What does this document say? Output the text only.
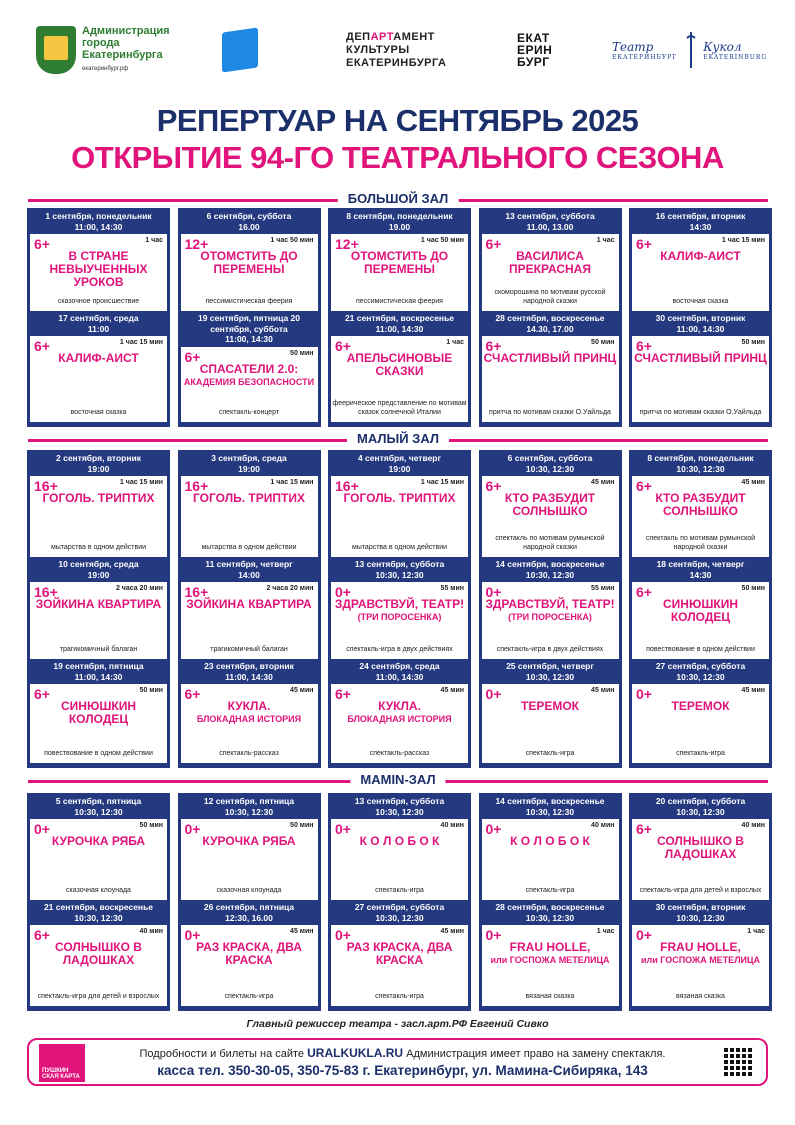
Администрация
города
Екатеринбурга
екатеринбург.рф
ДЕПАРТАМЕНТ
КУЛЬТУРЫ
ЕКАТЕРИНБУРГА
ЕКАТ
ЕРИН
БУРГ
Театр
ЕКАТЕРИНБУРГ
Кукол
EKATERINBURG
РЕПЕРТУАР НА СЕНТЯБРЬ 2025
ОТКРЫТИЕ 94-ГО ТЕАТРАЛЬНОГО СЕЗОНА
БОЛЬШОЙ ЗАЛ
1 сентября, понедельник
11:00, 14:30
6+	1 час
В СТРАНЕ НЕВЫУЧЕННЫХ УРОКОВ
сказочное происшествие
17 сентября, среда
11:00
6+	1 час 15 мин
КАЛИФ-АИСТ
восточная сказка
6 сентября, суббота
16.00
12+	1 час 50 мин
ОТОМСТИТЬ ДО ПЕРЕМЕНЫ
пессимистическая феерия
19 сентября, пятница 20 сентября, суббота
11:00, 14:30
6+	50 мин
СПАСАТЕЛИ 2.0:
АКАДЕМИЯ БЕЗОПАСНОСТИ
спектакль-концерт
8 сентября, понедельник
19.00
12+	1 час 50 мин
ОТОМСТИТЬ ДО ПЕРЕМЕНЫ
пессимистическая феерия
21 сентября, воскресенье
11:00, 14:30
6+	1 час
АПЕЛЬСИНОВЫЕ СКАЗКИ
феерическое представление по мотивам сказок солнечной Италии
13 сентября, суббота
11.00, 13.00
6+	1 час
ВАСИЛИСА ПРЕКРАСНАЯ
скоморошина по мотивам русской народной сказки
28 сентября, воскресенье
14.30, 17.00
6+	50 мин
СЧАСТЛИВЫЙ ПРИНЦ
притча по мотивам сказки О.Уайльда
16 сентября, вторник
14:30
6+	1 час 15 мин
КАЛИФ-АИСТ
восточная сказка
30 сентября, вторник
11:00, 14:30
6+	50 мин
СЧАСТЛИВЫЙ ПРИНЦ
притча по мотивам сказки О.Уайльда
МАЛЫЙ ЗАЛ
2 сентября, вторник
19:00
16+	1 час 15 мин
ГОГОЛЬ. ТРИПТИХ
мытарства в одном действии
10 сентября, среда
19:00
16+	2 часа 20 мин
ЗОЙКИНА КВАРТИРА
трагикомичный балаган
19 сентября, пятница
11:00, 14:30
6+	50 мин
СИНЮШКИН КОЛОДЕЦ
повествование в одном действии
3 сентября, среда
19:00
16+	1 час 15 мин
ГОГОЛЬ. ТРИПТИХ
мытарства в одном действии
11 сентября, четверг
14:00
16+	2 часа 20 мин
ЗОЙКИНА КВАРТИРА
трагикомичный балаган
23 сентября, вторник
11:00, 14:30
6+	45 мин
КУКЛА.
БЛОКАДНАЯ ИСТОРИЯ
спектакль-рассказ
4 сентября, четверг
19:00
16+	1 час 15 мин
ГОГОЛЬ. ТРИПТИХ
мытарства в одном действии
13 сентября, суббота
10:30, 12:30
0+	55 мин
ЗДРАВСТВУЙ, ТЕАТР!
(ТРИ ПОРОСЕНКА)
спектакль-игра в двух действиях
24 сентября, среда
11:00, 14:30
6+	45 мин
КУКЛА.
БЛОКАДНАЯ ИСТОРИЯ
спектакль-рассказ
6 сентября, суббота
10:30, 12:30
6+	45 мин
КТО РАЗБУДИТ СОЛНЫШКО
спектакль по мотивам румынской народной сказки
14 сентября, воскресенье
10:30, 12:30
0+	55 мин
ЗДРАВСТВУЙ, ТЕАТР!
(ТРИ ПОРОСЕНКА)
спектакль-игра в двух действиях
25 сентября, четверг
10:30, 12:30
0+	45 мин
ТЕРЕМОК
спектакль-игра
8 сентября, понедельник
10:30, 12:30
6+	45 мин
КТО РАЗБУДИТ СОЛНЫШКО
спектакль по мотивам румынской народной сказки
18 сентября, четверг
14:30
6+	50 мин
СИНЮШКИН КОЛОДЕЦ
повествование в одном действии
27 сентября, суббота
10:30, 12:30
0+	45 мин
ТЕРЕМОК
спектакль-игра
MAMIN-ЗАЛ
5 сентября, пятница
10:30, 12:30
0+	50 мин
КУРОЧКА РЯБА
сказочная клоунада
21 сентября, воскресенье
10:30, 12:30
6+	40 мин
СОЛНЫШКО В ЛАДОШКАХ
спектакль-игра для детей и взрослых
12 сентября, пятница
10:30, 12:30
0+	50 мин
КУРОЧКА РЯБА
сказочная клоунада
26 сентября, пятница
12:30, 16.00
0+	45 мин
РАЗ КРАСКА, ДВА КРАСКА
спектакль-игра
13 сентября, суббота
10:30, 12:30
0+	40 мин
К О Л О Б О К
спектакль-игра
27 сентября, суббота
10:30, 12:30
0+	45 мин
РАЗ КРАСКА, ДВА КРАСКА
спектакль-игра
14 сентября, воскресенье
10:30, 12:30
0+	40 мин
К О Л О Б О К
спектакль-игра
28 сентября, воскресенье
10:30, 12:30
0+	1 час
FRAU HOLLE,
или ГОСПОЖА МЕТЕЛИЦА
вязаная сказка
20 сентября, суббота
10:30, 12:30
6+	40 мин
СОЛНЫШКО В ЛАДОШКАХ
спектакль-игра для детей и взрослых
30 сентября, вторник
10:30, 12:30
0+	1 час
FRAU HOLLE,
или ГОСПОЖА МЕТЕЛИЦА
вязаная сказка
Главный режиссер театра - засл.арт.РФ Евгений Сивко
ПУШКИН СКАЯ КАРТА
Подробности и билеты на сайте URALKUKLA.RU Администрация имеет право на замену спектакля.
касса тел. 350-30-05, 350-75-83 г. Екатеринбург, ул. Мамина-Сибиряка, 143
